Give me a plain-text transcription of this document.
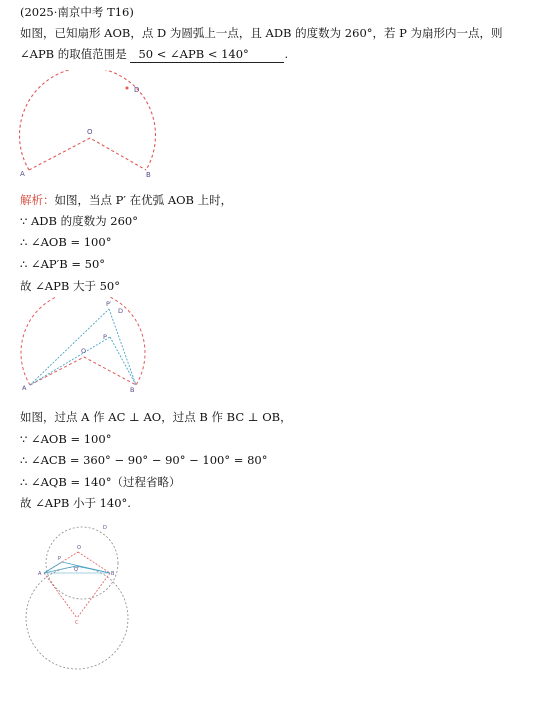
(2025·南京中考 T16)
如图，已知扇形 AOB，点 D 为圆弧上一点，且 ADB 的度数为 260°，若 P 为扇形内一点，则
∠APB 的取值范围是 50 < ∠APB < 140°	.
A	B
O
D
解析：如图，当点 P′ 在优弧 AOB 上时，
∵ ADB 的度数为 260°
∴ ∠AOB = 100°
∴ ∠AP′B = 50°
故 ∠APB 大于 50°
A	B
O
D
P′
P
如图，过点 A 作 AC ⊥ AO，过点 B 作 BC ⊥ OB，
∵ ∠AOB = 100°
∴ ∠ACB = 360° − 90° − 90° − 100° = 80°
∴ ∠AQB = 140°（过程省略）
故 ∠APB 小于 140°.
A	B
O
D
P
Q
C
